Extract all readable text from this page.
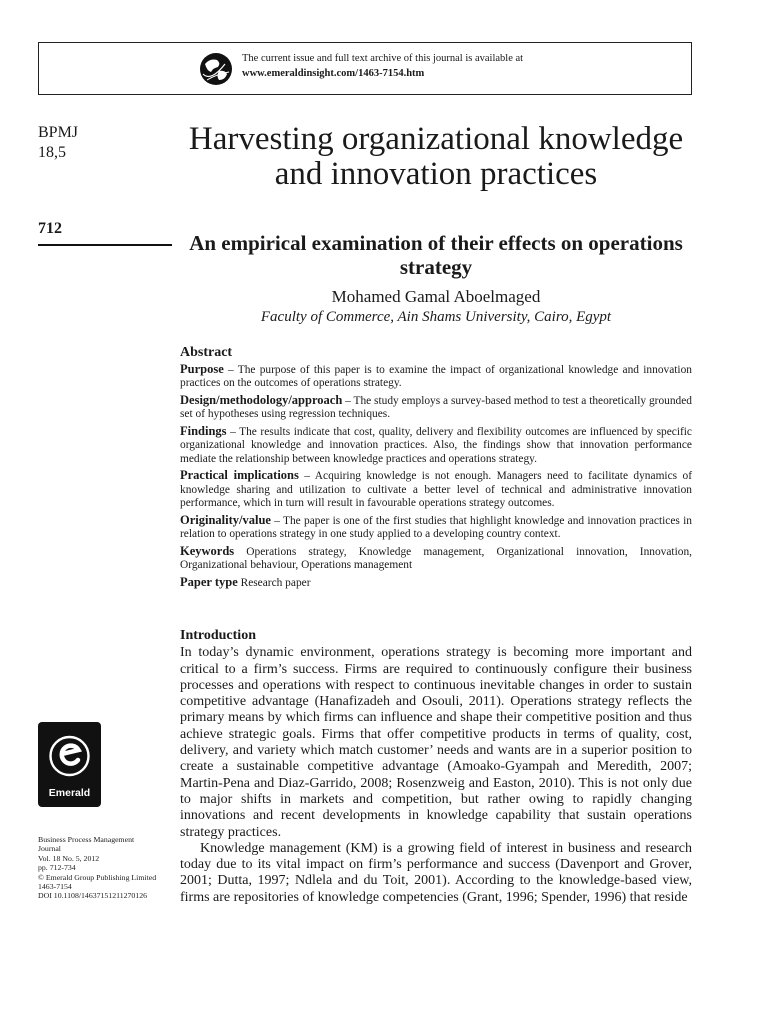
The current issue and full text archive of this journal is available at
www.emeraldinsight.com/1463-7154.htm
BPMJ
18,5
712
Harvesting organizational knowledge and innovation practices
An empirical examination of their effects on operations strategy
Mohamed Gamal Aboelmaged
Faculty of Commerce, Ain Shams University, Cairo, Egypt
Abstract

Purpose – The purpose of this paper is to examine the impact of organizational knowledge and innovation practices on the outcomes of operations strategy.

Design/methodology/approach – The study employs a survey-based method to test a theoretically grounded set of hypotheses using regression techniques.

Findings – The results indicate that cost, quality, delivery and flexibility outcomes are influenced by specific organizational knowledge and innovation practices. Also, the findings show that innovation performance mediate the relationship between knowledge practices and operations strategy.

Practical implications – Acquiring knowledge is not enough. Managers need to facilitate dynamics of knowledge sharing and utilization to cultivate a better level of technical and administrative innovation performance, which in turn will result in favourable operations strategy outcomes.

Originality/value – The paper is one of the first studies that highlight knowledge and innovation practices in relation to operations strategy in one study applied to a developing country context.

Keywords Operations strategy, Knowledge management, Organizational innovation, Innovation, Organizational behaviour, Operations management

Paper type Research paper

Introduction

In today’s dynamic environment, operations strategy is becoming more important and critical to a firm’s success. Firms are required to continuously configure their business processes and operations with respect to continuous inevitable changes in order to sustain competitive advantage (Hanafizadeh and Osouli, 2011). Operations strategy reflects the primary means by which firms can influence and shape their competitive position and thus achieve strategic goals. Firms that offer competitive products in terms of quality, cost, delivery, and variety which match customer’ needs and wants are in a superior position to create a sustainable competitive advantage (Amoako-Gyampah and Meredith, 2007; Martin-Pena and Diaz-Garrido, 2008; Rosenzweig and Easton, 2010). This is not only due to major shifts in markets and competition, but rather owing to rapidly changing innovations and recent developments in knowledge capability that sustain operations strategy practices.

Knowledge management (KM) is a growing field of interest in business and research today due to its vital impact on firm’s performance and success (Davenport and Grover, 2001; Dutta, 1997; Ndlela and du Toit, 2001). According to the knowledge-based view, firms are repositories of knowledge competencies (Grant, 1996; Spender, 1996) that reside

Emerald
Business Process Management
Journal
Vol. 18 No. 5, 2012
pp. 712-734
© Emerald Group Publishing Limited
1463-7154
DOI 10.1108/14637151211270126
